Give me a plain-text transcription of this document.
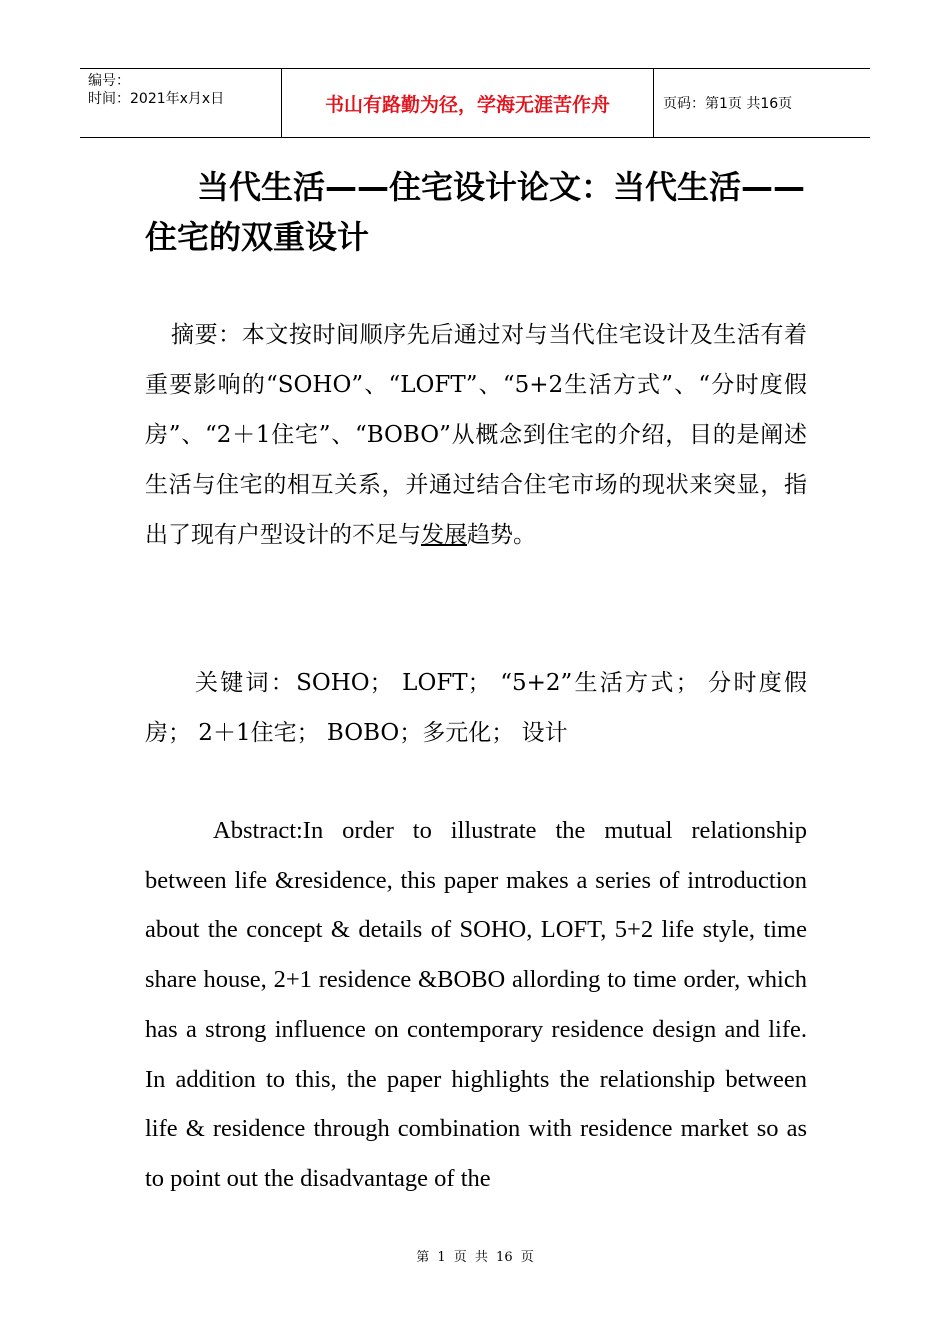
编号：
时间：2021年x月x日	书山有路勤为径，学海无涯苦作舟	页码：第1页 共16页
当代生活——住宅设计论文：当代生活——住宅的双重设计
摘要：本文按时间顺序先后通过对与当代住宅设计及生活有着重要影响的“SOHO”、“LOFT”、“5+2生活方式”、“分时度假房”、“2＋1住宅”、“BOBO”从概念到住宅的介绍，目的是阐述生活与住宅的相互关系，并通过结合住宅市场的现状来突显，指出了现有户型设计的不足与发展趋势。
关键词：SOHO； LOFT； “5+2”生活方式； 分时度假房； 2＋1住宅； BOBO；多元化； 设计
Abstract:In order to illustrate the mutual relationship between life &residence, this paper makes a series of introduction about the concept & details of SOHO, LOFT, 5+2 life style, time share house, 2+1 residence &BOBO allording to time order, which has a strong influence on contemporary residence design and life. In addition to this, the paper highlights the relationship between life & residence through combination with residence market so as to point out the disadvantage of the
第 1 页 共 16 页
